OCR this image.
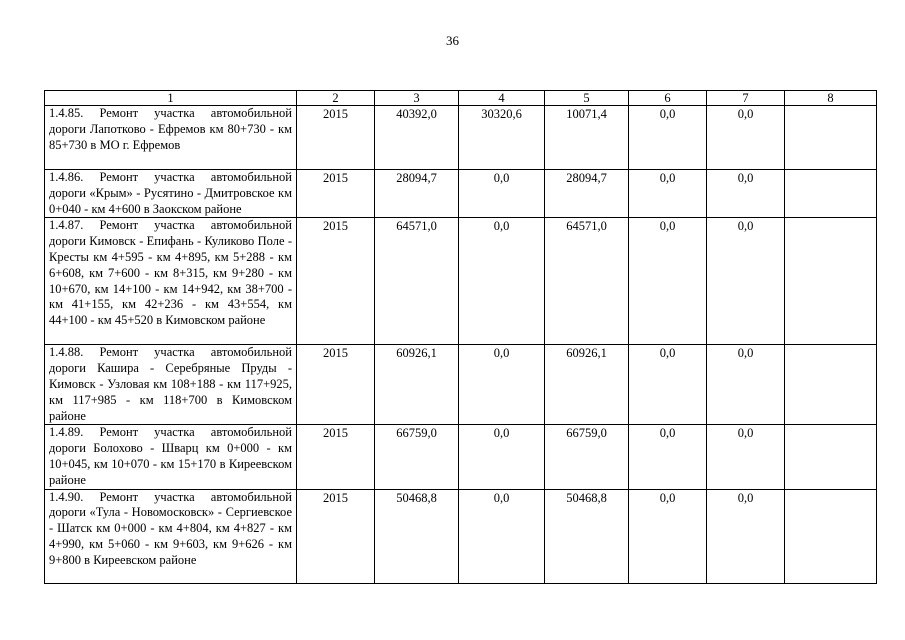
36
1	2	3	4	5	6	7	8
1.4.85. Ремонт участка автомобильной дороги Лапотково - Ефремов км 80+730 - км 85+730 в МО г. Ефремов	2015	40392,0	30320,6	10071,4	0,0	0,0	
1.4.86. Ремонт участка автомобильной дороги «Крым» - Русятино - Дмитровское км 0+040 - км 4+600 в Заокском районе	2015	28094,7	0,0	28094,7	0,0	0,0	
1.4.87. Ремонт участка автомобильной дороги Кимовск - Епифань - Куликово Поле - Кресты км 4+595 - км 4+895, км 5+288 - км 6+608, км 7+600 - км 8+315, км 9+280 - км 10+670, км 14+100 - км 14+942, км 38+700 - км 41+155, км 42+236 - км 43+554, км 44+100 - км 45+520 в Кимовском районе	2015	64571,0	0,0	64571,0	0,0	0,0	
1.4.88. Ремонт участка автомобильной дороги Кашира - Серебряные Пруды - Кимовск - Узловая км 108+188 - км 117+925, км 117+985 - км 118+700 в Кимовском районе	2015	60926,1	0,0	60926,1	0,0	0,0	
1.4.89. Ремонт участка автомобильной дороги Болохово - Шварц км 0+000 - км 10+045, км 10+070 - км 15+170 в Киреевском районе	2015	66759,0	0,0	66759,0	0,0	0,0	
1.4.90. Ремонт участка автомобильной дороги «Тула - Новомосковск» - Сергиевское - Шатск км 0+000 - км 4+804, км 4+827 - км 4+990, км 5+060 - км 9+603, км 9+626 - км 9+800 в Киреевском районе	2015	50468,8	0,0	50468,8	0,0	0,0	
